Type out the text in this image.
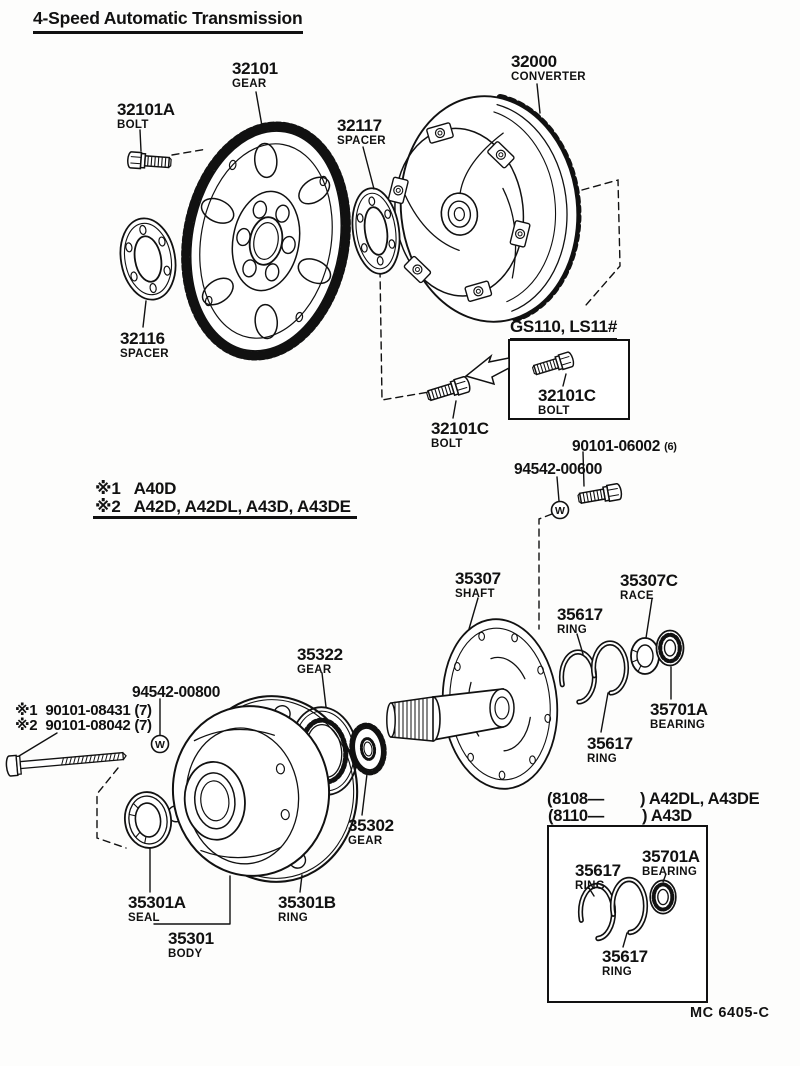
W
W
4-Speed Automatic Transmission
32101
GEAR
32101A
BOLT	32117
SPACER
32000
CONVERTER
32116
SPACER
GS110, LS11#
32101C
BOLT
32101C
BOLT	90101-06002 (6)
94542-00600
※1 A40D
※2 A42D, A42DL, A43D, A43DE
35307
SHAFT
35307C
RACE
35617
RING
35617
RING
35701A
BEARING
35322
GEAR
94542-00800
※1 90101-08431 (7)
※2 90101-08042 (7)
35302
GEAR
35301A
SEAL
35301B
RING
35301
BODY
(8108— ) A42DL, A43DE
(8110— ) A43D
35617
RING
35701A
BEARING
35617
RING
MC 6405-C
